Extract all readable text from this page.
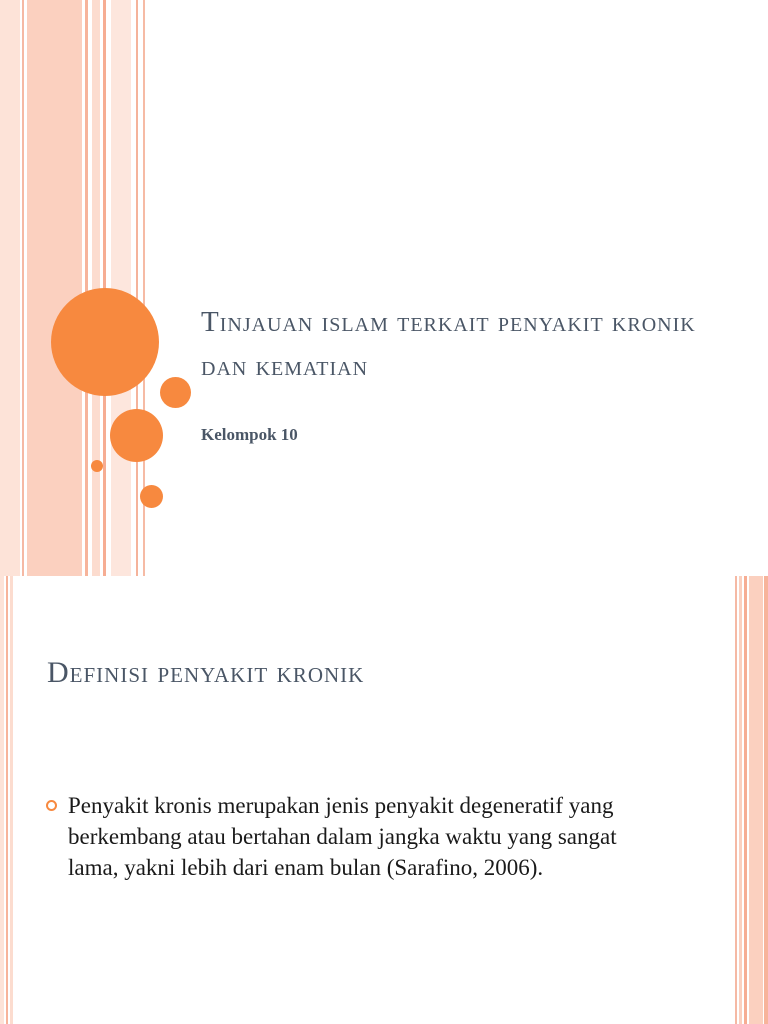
Tinjauan islam terkait penyakit kronik dan kematian

Kelompok 10

Definisi penyakit kronik

Penyakit kronis merupakan jenis penyakit degeneratif yang berkembang atau bertahan dalam jangka waktu yang sangat lama, yakni lebih dari enam bulan (Sarafino, 2006).
